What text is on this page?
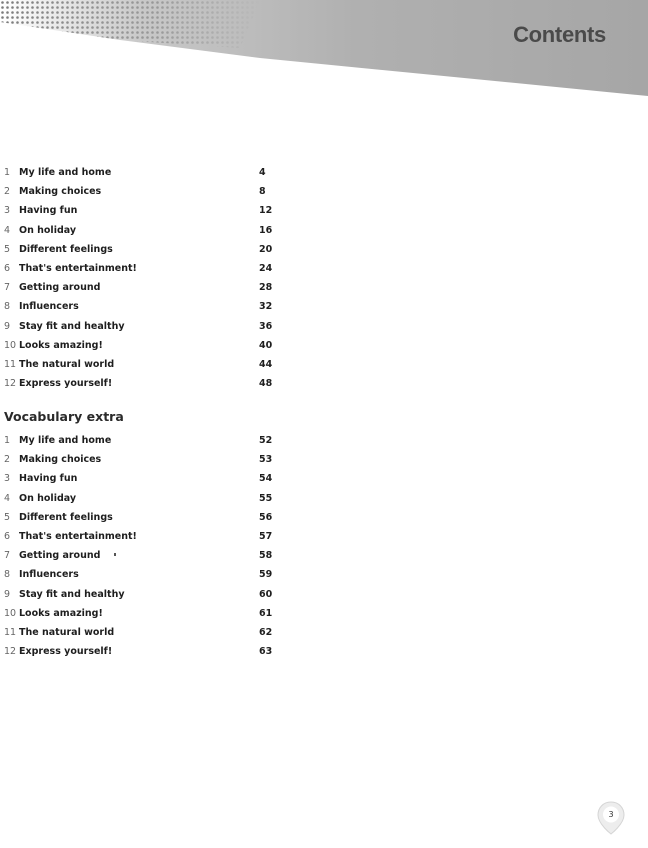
Contents
1 My life and home	4
2 Making choices	8
3 Having fun	12
4 On holiday	16
5 Different feelings	20
6 That's entertainment!	24
7 Getting around	28
8 Influencers	32
9 Stay fit and healthy	36
10 Looks amazing!	40
11 The natural world	44
12 Express yourself!	48
Vocabulary extra
1 My life and home	52
2 Making choices	53
3 Having fun	54
4 On holiday	55
5 Different feelings	56
6 That's entertainment!	57
7 Getting around	58
8 Influencers	59
9 Stay fit and healthy	60
10 Looks amazing!	61
11 The natural world	62
12 Express yourself!	63
3
